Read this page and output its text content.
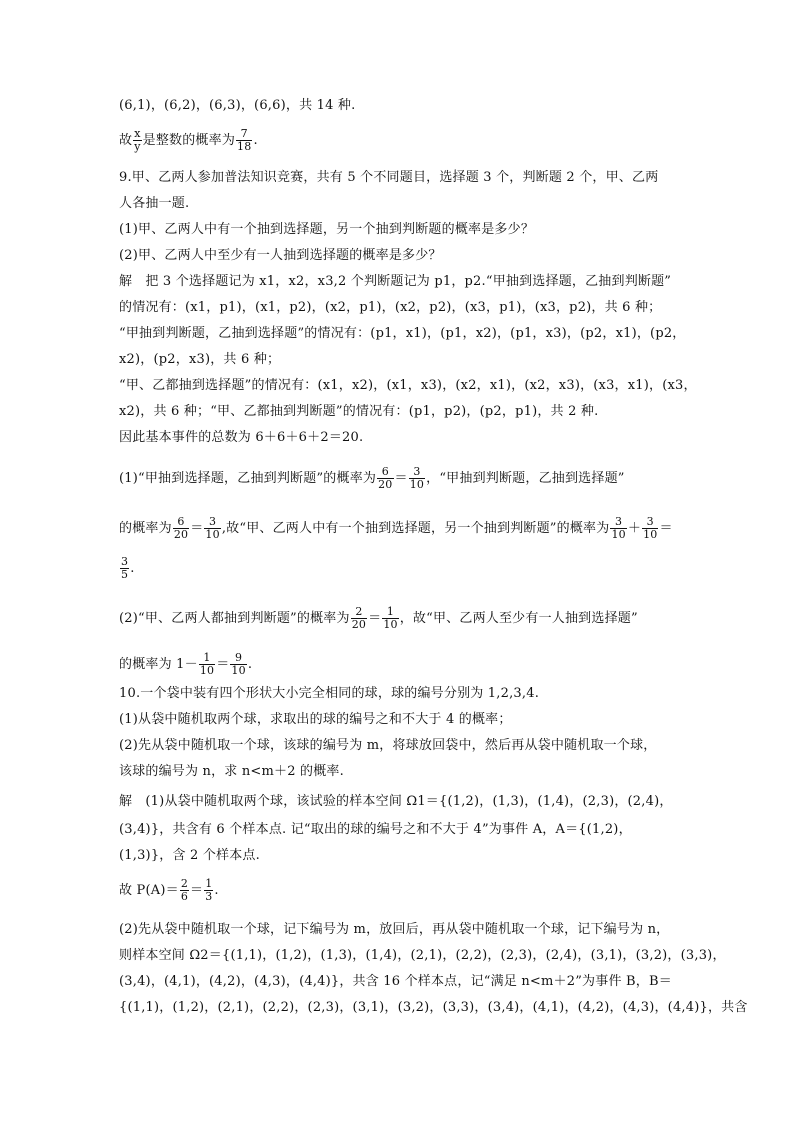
(6,1)，(6,2)，(6,3)，(6,6)，共 14 种.
故 $\frac{x}{y}$ 是整数的概率为 $\frac{7}{18}$ .
9.甲、乙两人参加普法知识竞赛，共有 5 个不同题目，选择题 3 个，判断题 2 个，甲、乙两
人各抽一题.
(1)甲、乙两人中有一个抽到选择题，另一个抽到判断题的概率是多少？
(2)甲、乙两人中至少有一人抽到选择题的概率是多少？
解　把 3 个选择题记为 x1，x2，x3,2 个判断题记为 p1，p2.“甲抽到选择题，乙抽到判断题”
的情况有：(x1，p1)，(x1，p2)，(x2，p1)，(x2，p2)，(x3，p1)，(x3，p2)，共 6 种；
“甲抽到判断题，乙抽到选择题”的情况有：(p1，x1)，(p1，x2)，(p1，x3)，(p2，x1)，(p2，
x2)，(p2，x3)，共 6 种；
“甲、乙都抽到选择题”的情况有：(x1，x2)，(x1，x3)，(x2，x1)，(x2，x3)，(x3，x1)，(x3，
x2)，共 6 种；“甲、乙都抽到判断题”的情况有：(p1，p2)，(p2，p1)，共 2 种.
因此基本事件的总数为 6＋6＋6＋2＝20.
(1)“甲抽到选择题，乙抽到判断题”的概率为 $\frac{6}{20} = \frac{3}{10}$ ，“甲抽到判断题，乙抽到选择题”
的概率为 $\frac{6}{20} = \frac{3}{10}$ ,故“甲、乙两人中有一个抽到选择题，另一个抽到判断题”的概率为 $\frac{3}{10} + \frac{3}{10}$ ＝
$\frac{3}{5}$ .
(2)“甲、乙两人都抽到判断题”的概率为 $\frac{2}{20} = \frac{1}{10}$ ，故“甲、乙两人至少有一人抽到选择题”
的概率为 $1- \frac{1}{10} = \frac{9}{10}$ .
10.一个袋中装有四个形状大小完全相同的球，球的编号分别为 1,2,3,4.
(1)从袋中随机取两个球，求取出的球的编号之和不大于 4 的概率；
(2)先从袋中随机取一个球，该球的编号为 m，将球放回袋中，然后再从袋中随机取一个球，
该球的编号为 n，求 n<m＋2 的概率.
解　(1)从袋中随机取两个球，该试验的样本空间 Ω1＝{(1,2)，(1,3)，(1,4)，(2,3)，(2,4)，
(3,4)}，共含有 6 个样本点. 记“取出的球的编号之和不大于 4”为事件 A，A＝{(1,2)，
(1,3)}，含 2 个样本点.
故 $P(A)= \frac{2}{6} = \frac{1}{3}$ .
(2)先从袋中随机取一个球，记下编号为 m，放回后，再从袋中随机取一个球，记下编号为 n，
则样本空间 Ω2＝{(1,1)，(1,2)，(1,3)，(1,4)，(2,1)，(2,2)，(2,3)，(2,4)，(3,1)，(3,2)，(3,3)，
(3,4)，(4,1)，(4,2)，(4,3)，(4,4)}，共含 16 个样本点，记“满足 n<m＋2”为事件 B，B＝
{(1,1)，(1,2)，(2,1)，(2,2)，(2,3)，(3,1)，(3,2)，(3,3)，(3,4)，(4,1)，(4,2)，(4,3)，(4,4)}，共含
